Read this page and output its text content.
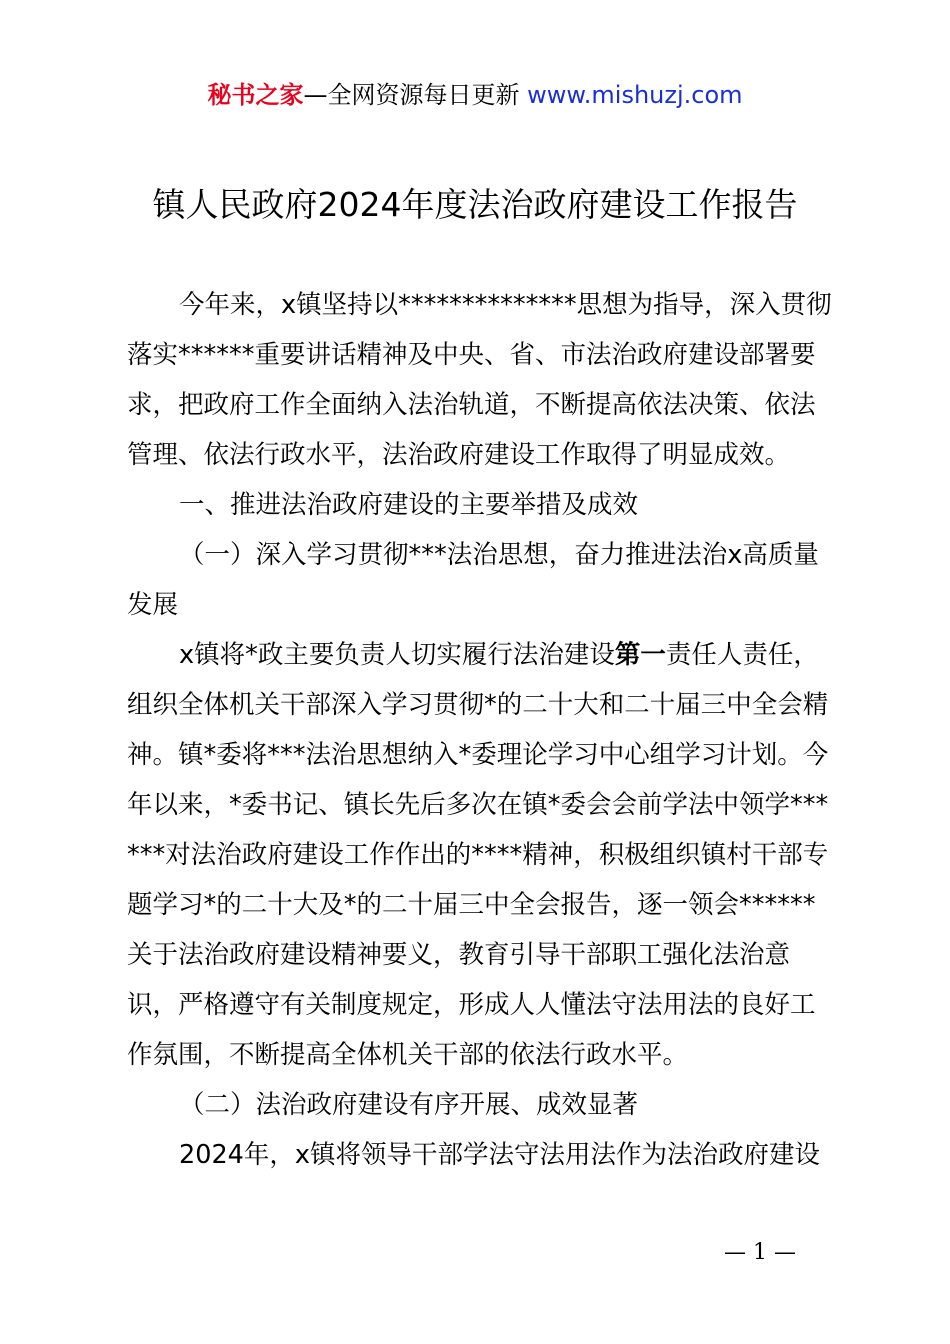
秘书之家—全网资源每日更新 www.mishuzj.com
镇人民政府2024年度法治政府建设工作报告

今年来，x镇坚持以**************思想为指导，深入贯彻落实******重要讲话精神及中央、省、市法治政府建设部署要求，把政府工作全面纳入法治轨道，不断提高依法决策、依法管理、依法行政水平，法治政府建设工作取得了明显成效。

一、推进法治政府建设的主要举措及成效

（一）深入学习贯彻***法治思想，奋力推进法治x高质量发展

x镇将*政主要负责人切实履行法治建设第一责任人责任，组织全体机关干部深入学习贯彻*的二十大和二十届三中全会精神。镇*委将***法治思想纳入*委理论学习中心组学习计划。今年以来，*委书记、镇长先后多次在镇*委会会前学法中领学******对法治政府建设工作作出的****精神，积极组织镇村干部专题学习*的二十大及*的二十届三中全会报告，逐一领会******关于法治政府建设精神要义，教育引导干部职工强化法治意识，严格遵守有关制度规定，形成人人懂法守法用法的良好工作氛围，不断提高全体机关干部的依法行政水平。

（二）法治政府建设有序开展、成效显著

2024年，x镇将领导干部学法守法用法作为法治政府建设

— 1 —
